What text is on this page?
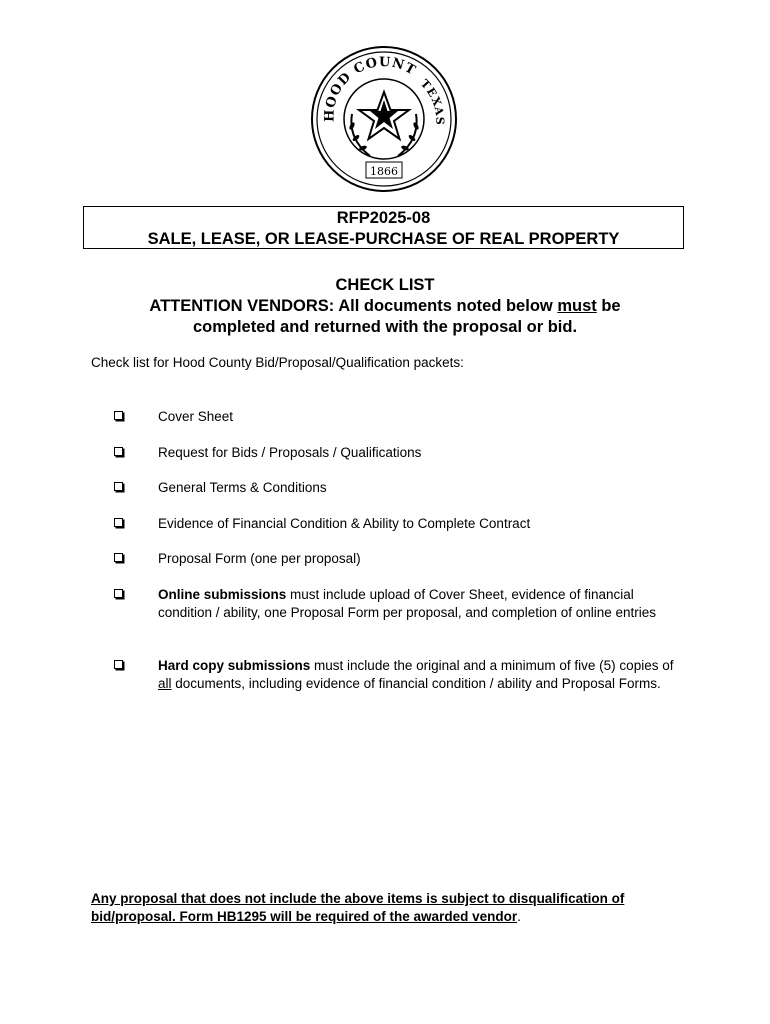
HOOD COUNT
TEXAS
1866
RFP2025-08
SALE, LEASE, OR LEASE-PURCHASE OF REAL PROPERTY
CHECK LIST
ATTENTION VENDORS: All documents noted below must be
completed and returned with the proposal or bid.
Check list for Hood County Bid/Proposal/Qualification packets:
Cover Sheet
Request for Bids / Proposals / Qualifications
General Terms & Conditions
Evidence of Financial Condition & Ability to Complete Contract
Proposal Form (one per proposal)
Online submissions must include upload of Cover Sheet, evidence of financial condition / ability, one Proposal Form per proposal, and completion of online entries
Hard copy submissions must include the original and a minimum of five (5) copies of all documents, including evidence of financial condition / ability and Proposal Forms.
Any proposal that does not include the above items is subject to disqualification of bid/proposal. Form HB1295 will be required of the awarded vendor.
